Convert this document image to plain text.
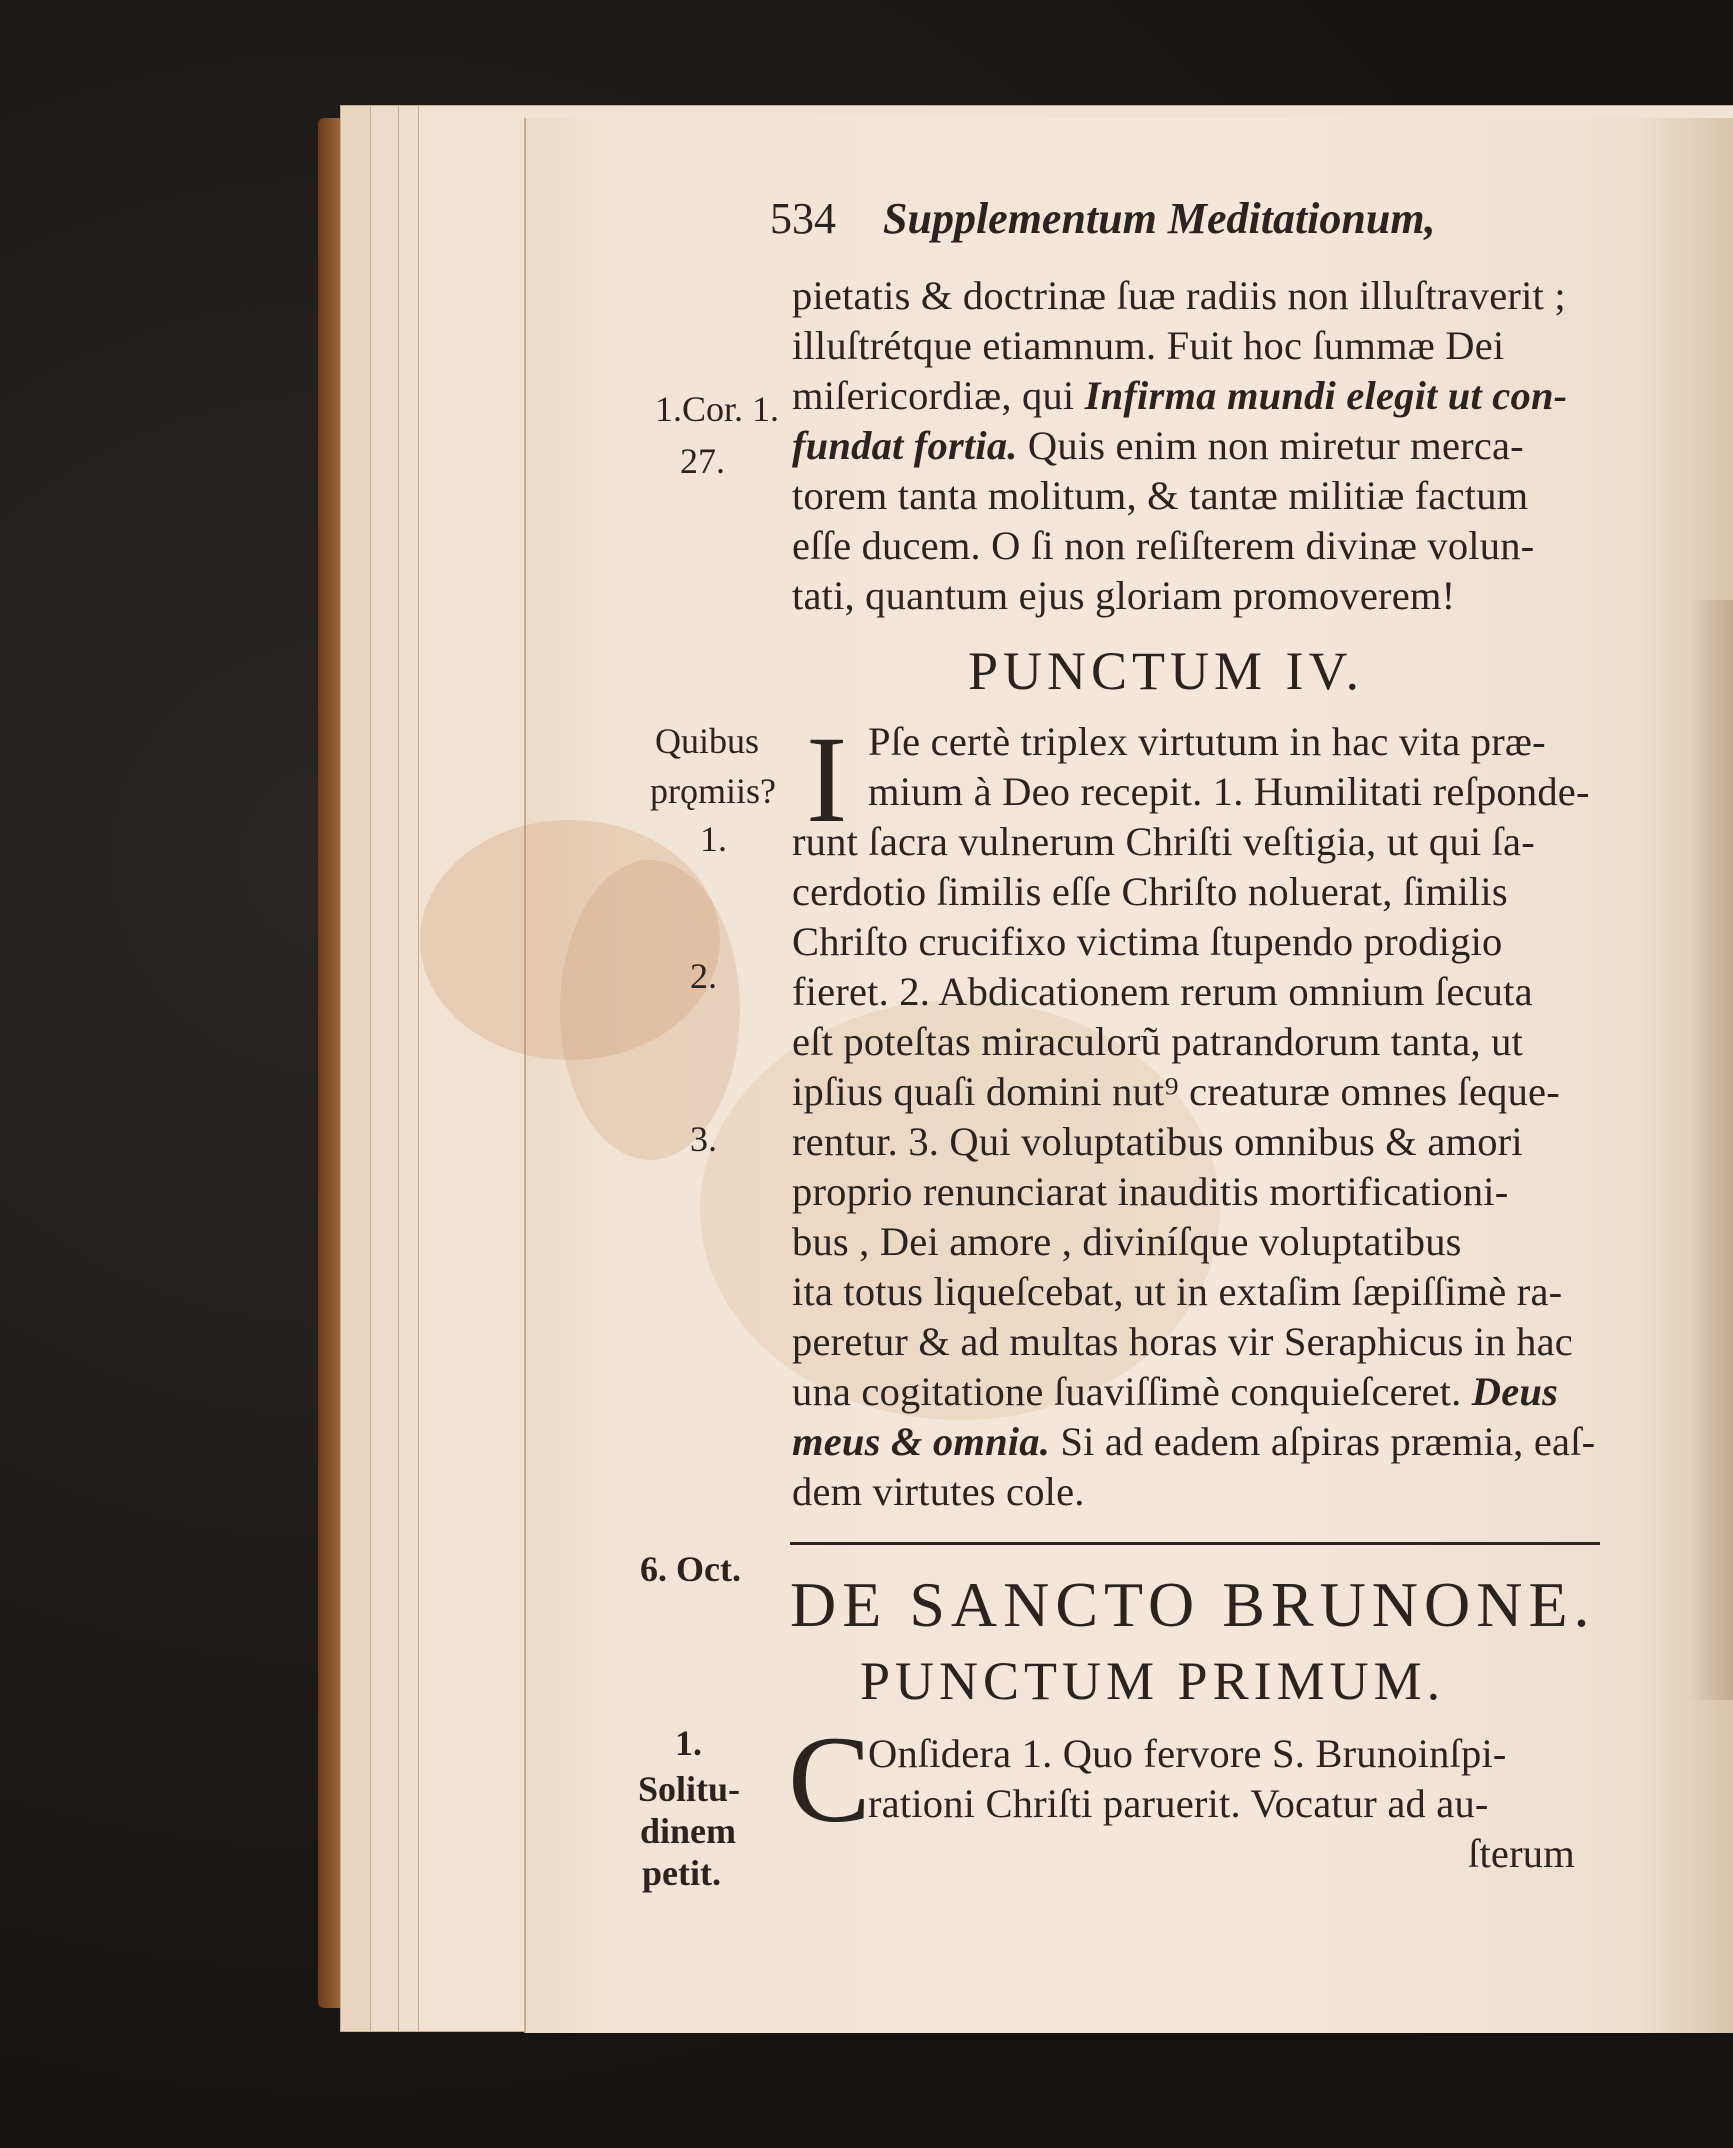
534 Supplementum Meditationum,
pietatis & doctrinæ ſuæ radiis non illuſtraverit ;
illuſtrétque etiamnum. Fuit hoc ſummæ Dei
miſericordiæ, qui Infirma mundi elegit ut con-
fundat fortia. Quis enim non miretur merca-
torem tanta molitum, & tantæ militiæ factum
eſſe ducem. O ſi non reſiſterem divinæ volun-
tati, quantum ejus gloriam promoverem!
1.Cor. 1.
27.
PUNCTUM IV.
I
Quibus
prǫmiis?
1.
2.
3.
Pſe certè triplex virtutum in hac vita præ-
mium à Deo recepit. 1. Humilitati reſponde-
runt ſacra vulnerum Chriſti veſtigia, ut qui ſa-
cerdotio ſimilis eſſe Chriſto noluerat, ſimilis
Chriſto crucifixo victima ſtupendo prodigio
fieret. 2. Abdicationem rerum omnium ſecuta
eſt poteſtas miraculorũ patrandorum tanta, ut
ipſius quaſi domini nut⁹ creaturæ omnes ſeque-
rentur. 3. Qui voluptatibus omnibus & amori
proprio renunciarat inauditis mortificationi-
bus , Dei amore , diviníſque voluptatibus
ita totus liqueſcebat, ut in extaſim ſæpiſſimè ra-
peretur & ad multas horas vir Seraphicus in hac
una cogitatione ſuaviſſimè conquieſceret. Deus
meus & omnia. Si ad eadem aſpiras præmia, eaſ-
dem virtutes cole.
6. Oct. DE SANCTO BRUNONE.
PUNCTUM PRIMUM.
C
1.
Solitu-
dinem
petit.
Onſidera 1. Quo fervore S. Brunoinſpi-
rationi Chriſti paruerit. Vocatur ad au-
ſterum
